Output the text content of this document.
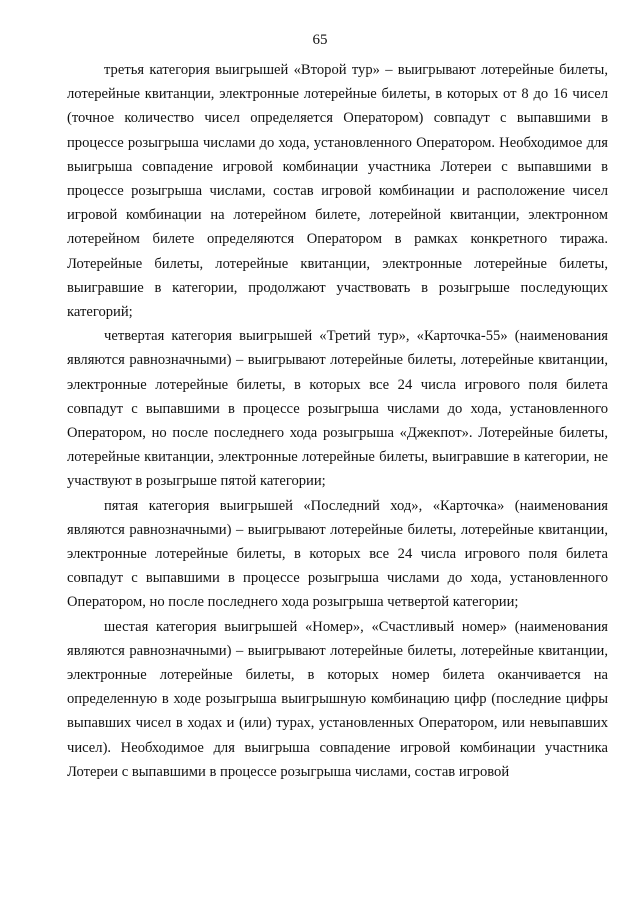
65

третья категория выигрышей «Второй тур» – выигрывают лотерейные билеты, лотерейные квитанции, электронные лотерейные билеты, в которых от 8 до 16 чисел (точное количество чисел определяется Оператором) совпадут с выпавшими в процессе розыгрыша числами до хода, установленного Оператором. Необходимое для выигрыша совпадение игровой комбинации участника Лотереи с выпавшими в процессе розыгрыша числами, состав игровой комбинации и расположение чисел игровой комбинации на лотерейном билете, лотерейной квитанции, электронном лотерейном билете определяются Оператором в рамках конкретного тиража. Лотерейные билеты, лотерейные квитанции, электронные лотерейные билеты, выигравшие в категории, продолжают участвовать в розыгрыше последующих категорий;

четвертая категория выигрышей «Третий тур», «Карточка-55» (наименования являются равнозначными) – выигрывают лотерейные билеты, лотерейные квитанции, электронные лотерейные билеты, в которых все 24 числа игрового поля билета совпадут с выпавшими в процессе розыгрыша числами до хода, установленного Оператором, но после последнего хода розыгрыша «Джекпот». Лотерейные билеты, лотерейные квитанции, электронные лотерейные билеты, выигравшие в категории, не участвуют в розыгрыше пятой категории;

пятая категория выигрышей «Последний ход», «Карточка» (наименования являются равнозначными) – выигрывают лотерейные билеты, лотерейные квитанции, электронные лотерейные билеты, в которых все 24 числа игрового поля билета совпадут с выпавшими в процессе розыгрыша числами до хода, установленного Оператором, но после последнего хода розыгрыша четвертой категории;

шестая категория выигрышей «Номер», «Счастливый номер» (наименования являются равнозначными) – выигрывают лотерейные билеты, лотерейные квитанции, электронные лотерейные билеты, в которых номер билета оканчивается на определенную в ходе розыгрыша выигрышную комбинацию цифр (последние цифры выпавших чисел в ходах и (или) турах, установленных Оператором, или невыпавших чисел). Необходимое для выигрыша совпадение игровой комбинации участника Лотереи с выпавшими в процессе розыгрыша числами, состав игровой
